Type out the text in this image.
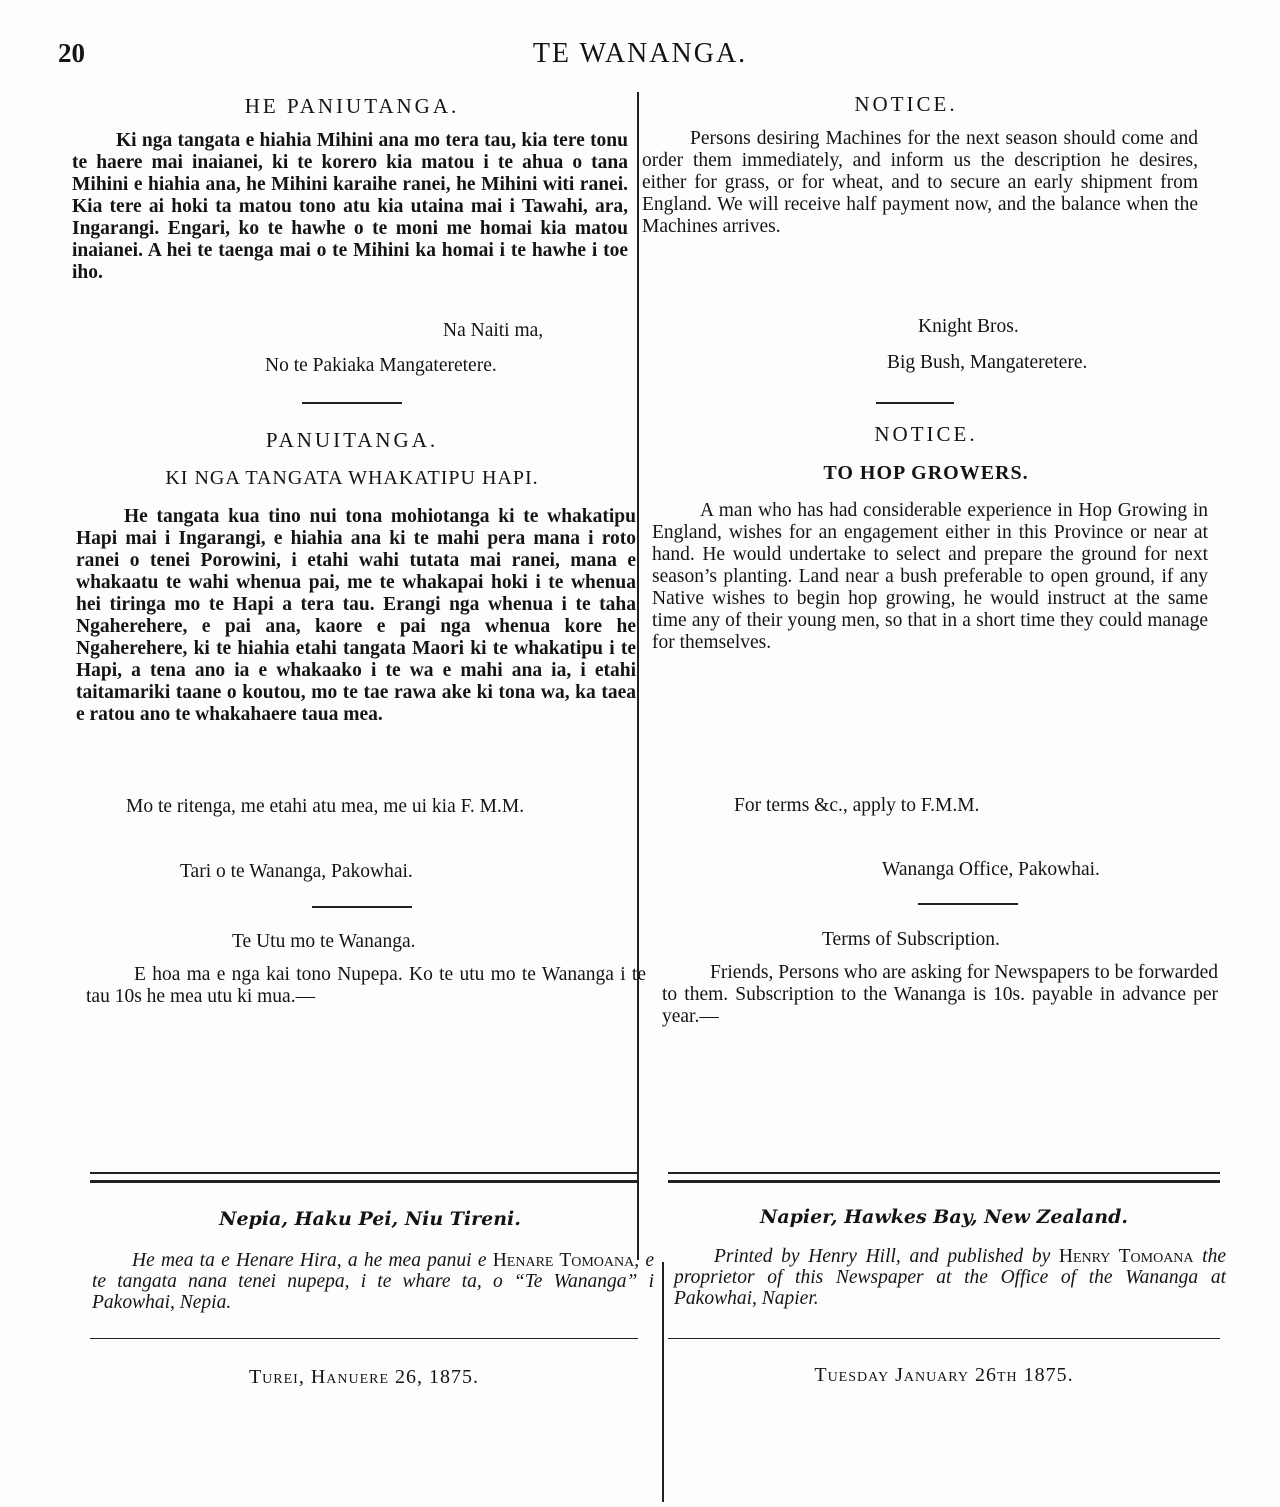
20	TE WANANGA.
HE PANIUTANGA.

Ki nga tangata e hiahia Mihini ana mo tera tau, kia tere tonu te haere mai inaianei, ki te korero kia matou i te ahua o tana Mihini e hiahia ana, he Mihini karaihe ranei, he Mihini witi ranei. Kia tere ai hoki ta matou tono atu kia utaina mai i Tawahi, ara, Ingarangi. Engari, ko te hawhe o te moni me homai kia matou inaianei. A hei te taenga mai o te Mihini ka homai i te hawhe i toe iho.

Na Naiti ma,
No te Pakiaka Mangateretere.
PANUITANGA.
KI NGA TANGATA WHAKATIPU HAPI.

He tangata kua tino nui tona mohiotanga ki te whakatipu Hapi mai i Ingarangi, e hiahia ana ki te mahi pera mana i roto ranei o tenei Porowini, i etahi wahi tutata mai ranei, mana e whakaatu te wahi whenua pai, me te whakapai hoki i te whenua hei tiringa mo te Hapi a tera tau. Erangi nga whenua i te taha Ngaherehere, e pai ana, kaore e pai nga whenua kore he Ngaherehere, ki te hiahia etahi tangata Maori ki te whakatipu i te Hapi, a tena ano ia e whakaako i te wa e mahi ana ia, i etahi taitamariki taane o koutou, mo te tae rawa ake ki tona wa, ka taea e ratou ano te whakahaere taua mea.

Mo te ritenga, me etahi atu mea, me ui kia F. M.M.

Tari o te Wananga, Pakowhai.
Te Utu mo te Wananga.

E hoa ma e nga kai tono Nupepa. Ko te utu mo te Wananga i te tau 10s he mea utu ki mua.—

NOTICE.

Persons desiring Machines for the next season should come and order them immediately, and inform us the description he desires, either for grass, or for wheat, and to secure an early shipment from England. We will receive half payment now, and the balance when the Machines arrives.

Knight Bros.
Big Bush, Mangateretere.
NOTICE.
TO HOP GROWERS.

A man who has had considerable experience in Hop Growing in England, wishes for an engagement either in this Province or near at hand. He would undertake to select and prepare the ground for next season’s planting. Land near a bush preferable to open ground, if any Native wishes to begin hop growing, he would instruct at the same time any of their young men, so that in a short time they could manage for themselves.

For terms &c., apply to F.M.M.
Wananga Office, Pakowhai.
Terms of Subscription.

Friends, Persons who are asking for Newspapers to be forwarded to them. Subscription to the Wananga is 10s. payable in advance per year.—

Nepia, Haku Pei, Niu Tireni.

He mea ta e Henare Hira, a he mea panui e Henare Tomoana, e te tangata nana tenei nupepa, i te whare ta, o “Te Wananga” i Pakowhai, Nepia.

Napier, Hawkes Bay, New Zealand.

Printed by Henry Hill, and published by Henry Tomoana the proprietor of this Newspaper at the Office of the Wananga at Pakowhai, Napier.

Turei, Hanuere 26, 1875.	Tuesday January 26th 1875.
